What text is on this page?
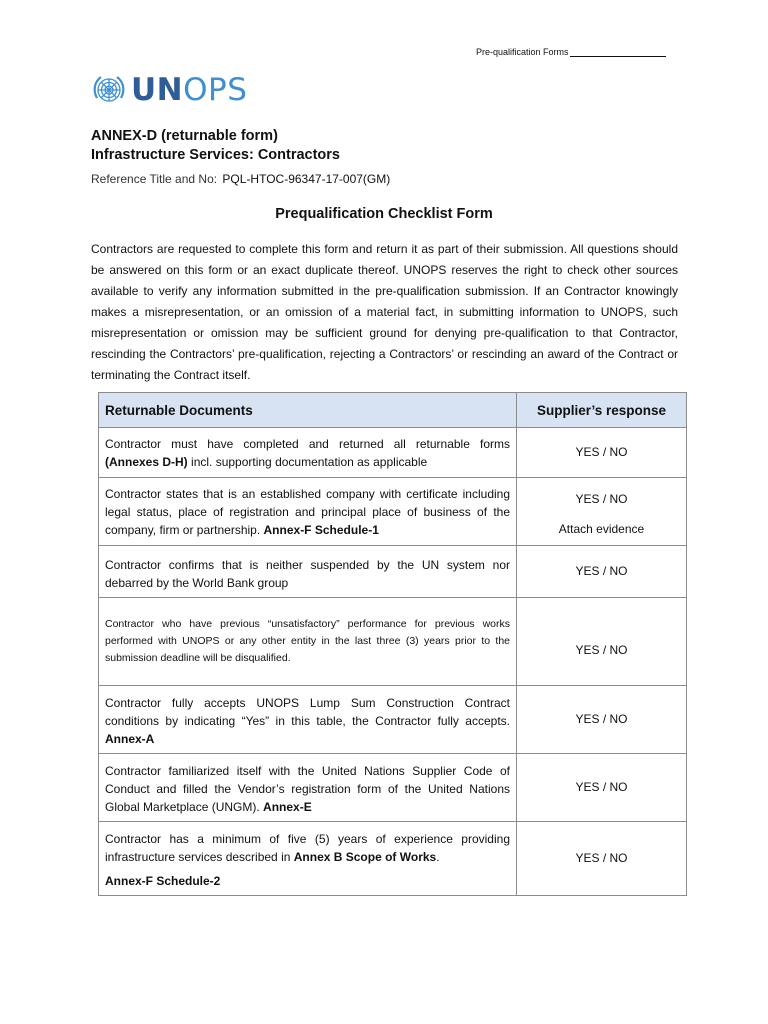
Pre-qualification Forms
UNOPS
ANNEX-D (returnable form)
Infrastructure Services: Contractors
Reference Title and No: PQL-HTOC-96347-17-007(GM)
Prequalification Checklist Form

Contractors are requested to complete this form and return it as part of their submission. All questions should be answered on this form or an exact duplicate thereof. UNOPS reserves the right to check other sources available to verify any information submitted in the pre-qualification submission. If an Contractor knowingly makes a misrepresentation, or an omission of a material fact, in submitting information to UNOPS, such misrepresentation or omission may be sufficient ground for denying pre-qualification to that Contractor, rescinding the Contractors’ pre-qualification, rejecting a Contractors’ or rescinding an award of the Contract or terminating the Contract itself.

Returnable Documents	Supplier’s response
Contractor must have completed and returned all returnable forms (Annexes D-H) incl. supporting documentation as applicable	YES / NO

Contractor states that is an established company with certificate including legal status, place of registration and principal place of business of the company, firm or partnership. Annex-F Schedule-1	YES / NO
Attach evidence

Contractor confirms that is neither suspended by the UN system nor debarred by the World Bank group	YES / NO

Contractor who have previous “unsatisfactory” performance for previous works performed with UNOPS or any other entity in the last three (3) years prior to the submission deadline will be disqualified.	YES / NO

Contractor fully accepts UNOPS Lump Sum Construction Contract conditions by indicating “Yes” in this table, the Contractor fully accepts. Annex-A	YES / NO

Contractor familiarized itself with the United Nations Supplier Code of Conduct and filled the Vendor’s registration form of the United Nations Global Marketplace (UNGM). Annex-E	YES / NO

Contractor has a minimum of five (5) years of experience providing infrastructure services described in Annex B Scope of Works.
Annex-F Schedule-2	YES / NO
